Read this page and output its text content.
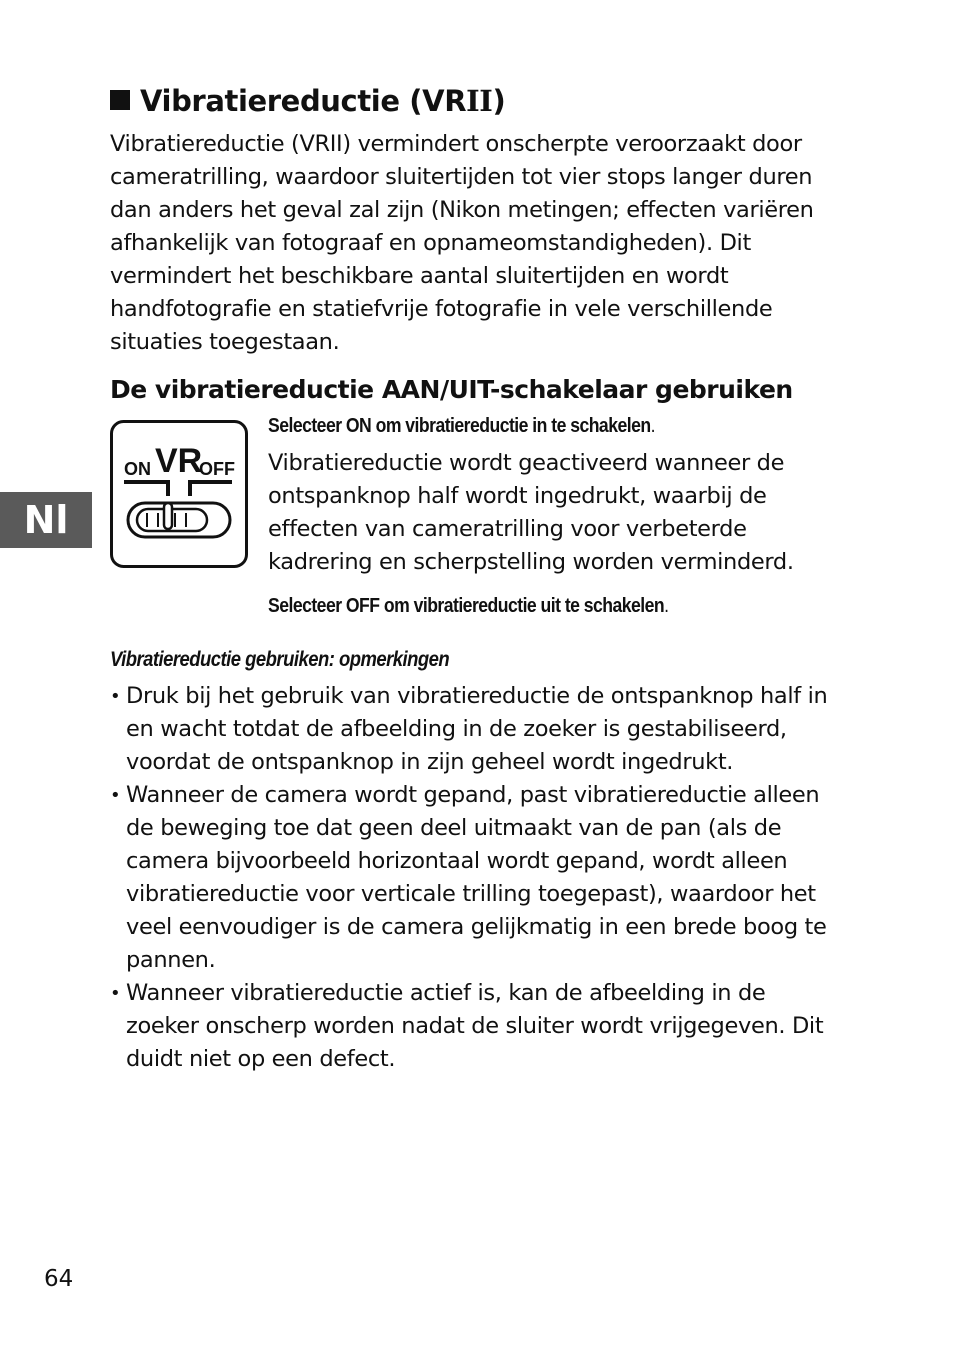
Vibratiereductie (VRII)
Vibratiereductie (VRII) vermindert onscherpte veroorzaakt door
cameratrilling, waardoor sluitertijden tot vier stops langer duren
dan anders het geval zal zijn (Nikon metingen; effecten variëren
afhankelijk van fotograaf en opnameomstandigheden). Dit
vermindert het beschikbare aantal sluitertijden en wordt
handfotografie en statiefvrije fotografie in vele verschillende
situaties toegestaan.
De vibratiereductie AAN/UIT-schakelaar gebruiken
Nl
ON VR
OFF
Selecteer ON om vibratiereductie in te schakelen.
Vibratiereductie wordt geactiveerd wanneer de
ontspanknop half wordt ingedrukt, waarbij de
effecten van cameratrilling voor verbeterde
kadrering en scherpstelling worden verminderd.
Selecteer OFF om vibratiereductie uit te schakelen.
Vibratiereductie gebruiken: opmerkingen
• Druk bij het gebruik van vibratiereductie de ontspanknop half in
en wacht totdat de afbeelding in de zoeker is gestabiliseerd,
voordat de ontspanknop in zijn geheel wordt ingedrukt.
• Wanneer de camera wordt gepand, past vibratiereductie alleen
de beweging toe dat geen deel uitmaakt van de pan (als de
camera bijvoorbeeld horizontaal wordt gepand, wordt alleen
vibratiereductie voor verticale trilling toegepast), waardoor het
veel eenvoudiger is de camera gelijkmatig in een brede boog te
pannen.
• Wanneer vibratiereductie actief is, kan de afbeelding in de
zoeker onscherp worden nadat de sluiter wordt vrijgegeven. Dit
duidt niet op een defect.
64
